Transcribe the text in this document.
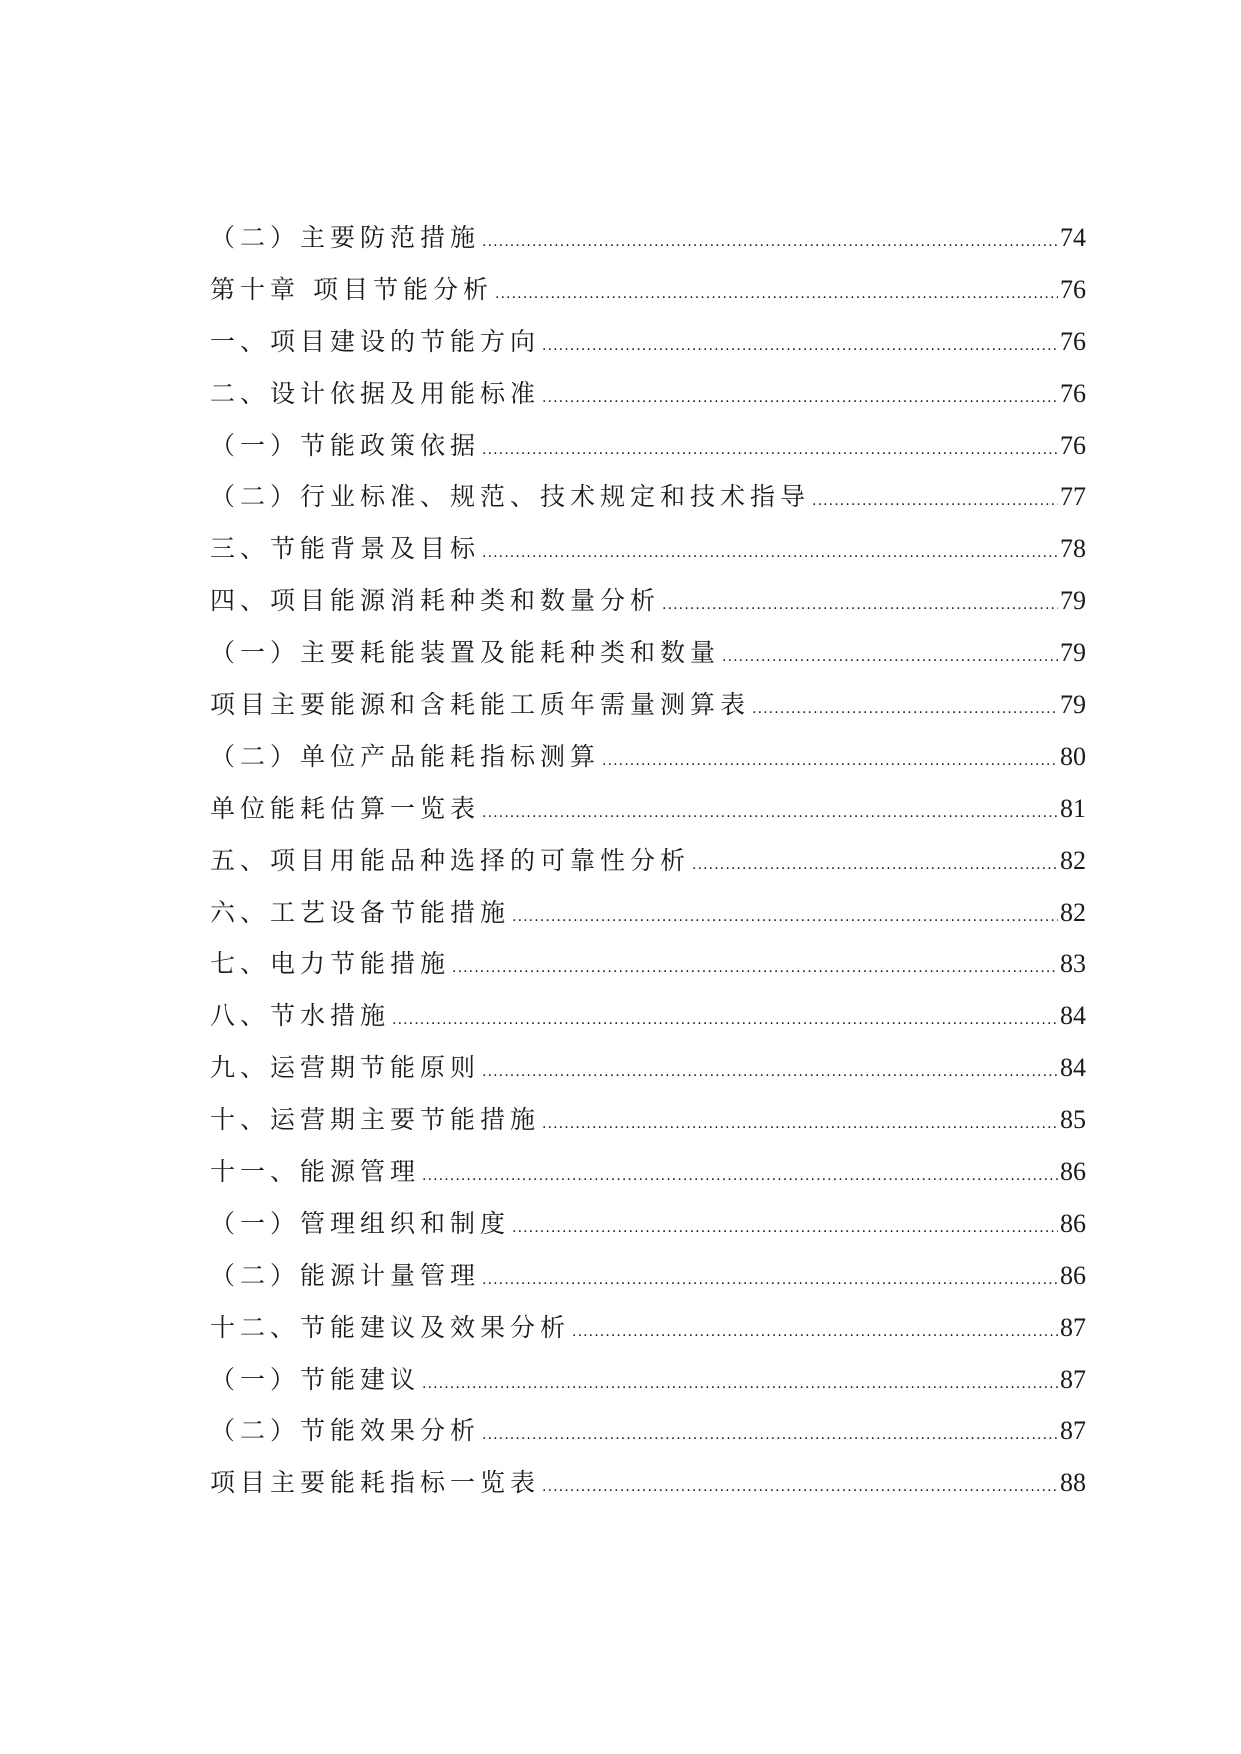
（二）主要防范措施 .....	74
第十章 项目节能分析 .....	76
一、项目建设的节能方向 .....	76
二、设计依据及用能标准 .....	76
（一）节能政策依据 .....	76
（二）行业标准、规范、技术规定和技术指导 .....	77
三、节能背景及目标 .....	78
四、项目能源消耗种类和数量分析 .....	79
（一）主要耗能装置及能耗种类和数量 .....	79
项目主要能源和含耗能工质年需量测算表 .....	79
（二）单位产品能耗指标测算 .....	80
单位能耗估算一览表 .....	81
五、项目用能品种选择的可靠性分析 .....	82
六、工艺设备节能措施 .....	82
七、电力节能措施 .....	83
八、节水措施 .....	84
九、运营期节能原则 .....	84
十、运营期主要节能措施 .....	85
十一、能源管理 .....	86
（一）管理组织和制度 .....	86
（二）能源计量管理 .....	86
十二、节能建议及效果分析 .....	87
（一）节能建议 .....	87
（二）节能效果分析 .....	87
项目主要能耗指标一览表 .....	88
